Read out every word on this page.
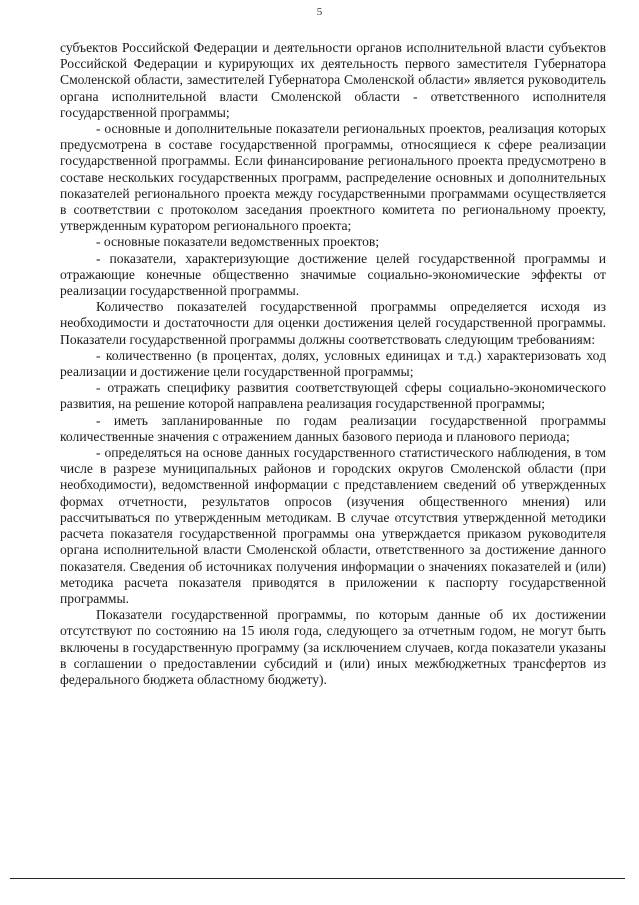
5

субъектов Российской Федерации и деятельности органов исполнительной власти субъектов Российской Федерации и курирующих их деятельность первого заместителя Губернатора Смоленской области, заместителей Губернатора Смоленской области» является руководитель органа исполнительной власти Смоленской области - ответственного исполнителя государственной программы;

- основные и дополнительные показатели региональных проектов, реализация которых предусмотрена в составе государственной программы, относящиеся к сфере реализации государственной программы. Если финансирование регионального проекта предусмотрено в составе нескольких государственных программ, распределение основных и дополнительных показателей регионального проекта между государственными программами осуществляется в соответствии с протоколом заседания проектного комитета по региональному проекту, утвержденным куратором регионального проекта;

- основные показатели ведомственных проектов;

- показатели, характеризующие достижение целей государственной программы и отражающие конечные общественно значимые социально-экономические эффекты от реализации государственной программы.

Количество показателей государственной программы определяется исходя из необходимости и достаточности для оценки достижения целей государственной программы. Показатели государственной программы должны соответствовать следующим требованиям:

- количественно (в процентах, долях, условных единицах и т.д.) характеризовать ход реализации и достижение цели государственной программы;

- отражать специфику развития соответствующей сферы социально-экономического развития, на решение которой направлена реализация государственной программы;

- иметь запланированные по годам реализации государственной программы количественные значения с отражением данных базового периода и планового периода;

- определяться на основе данных государственного статистического наблюдения, в том числе в разрезе муниципальных районов и городских округов Смоленской области (при необходимости), ведомственной информации с представлением сведений об утвержденных формах отчетности, результатов опросов (изучения общественного мнения) или рассчитываться по утвержденным методикам. В случае отсутствия утвержденной методики расчета показателя государственной программы она утверждается приказом руководителя органа исполнительной власти Смоленской области, ответственного за достижение данного показателя. Сведения об источниках получения информации о значениях показателей и (или) методика расчета показателя приводятся в приложении к паспорту государственной программы.

Показатели государственной программы, по которым данные об их достижении отсутствуют по состоянию на 15 июля года, следующего за отчетным годом, не могут быть включены в государственную программу (за исключением случаев, когда показатели указаны в соглашении о предоставлении субсидий и (или) иных межбюджетных трансфертов из федерального бюджета областному бюджету).
